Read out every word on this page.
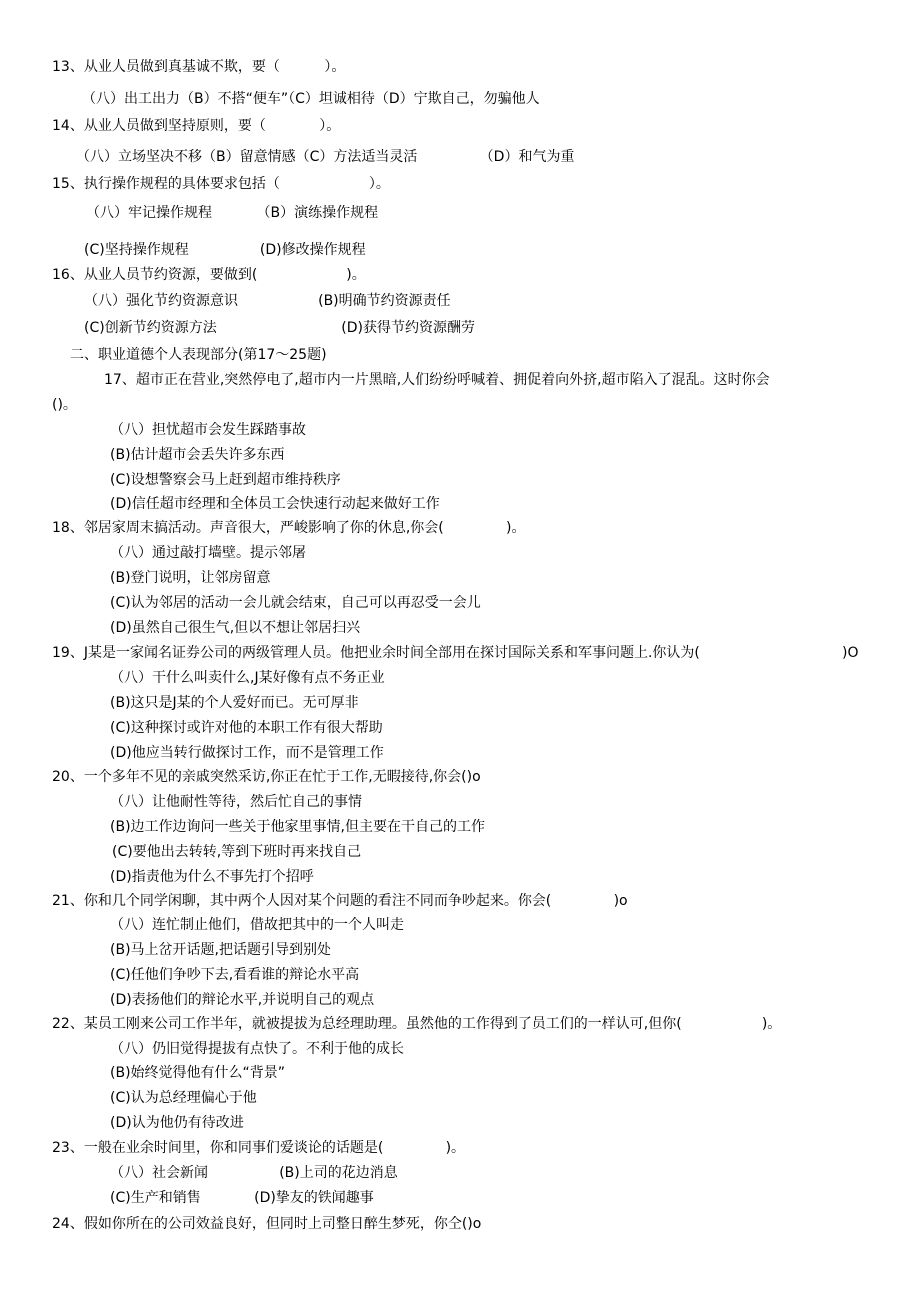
13、从业人员做到真基诚不欺，要（          ）。
（八）出工出力（B）不搭“便车”（C）坦诚相待（D）宁欺自己，勿骗他人
14、从业人员做到坚持原则，要（            ）。
（八）立场坚决不移（B）留意情感（C）方法适当灵活              （D）和气为重
15、执行操作规程的具体要求包括（                    ）。
（八）牢记操作规程          （B）演练操作规程
(C)坚持操作规程                (D)修改操作规程
16、从业人员节约资源，要做到(                    )。
（八）强化节约资源意识                  (B)明确节约资源责任
(C)创新节约资源方法                            (D)获得节约资源酬劳
二、职业道德个人表现部分(第17〜25题)
17、超市正在营业,突然停电了,超市内一片黑暗,人们纷纷呼喊着、拥促着向外挤,超市陷入了混乱。这时你会
()。
（八）担忧超市会发生踩踏事故
(B)估计超市会丢失许多东西
(C)设想警察会马上赶到超市维持秩序
(D)信任超市经理和全体员工会快速行动起来做好工作
18、邻居家周末搞活动。声音很大，严峻影响了你的休息,你会(              )。
（八）通过敲打墙壁。提示邻屠
(B)登门说明，让邻房留意
(C)认为邻居的活动一会儿就会结束，自己可以再忍受一会儿
(D)虽然自己很生气,但以不想让邻居扫兴
19、J某是一家闻名证券公司的两级管理人员。他把业余时间全部用在探讨国际关系和军事问题上.你认为(	)O
（八）干什么叫卖什么,J某好像有点不务正业
(B)这只是J某的个人爱好而已。无可厚非
(C)这种探讨或许对他的本职工作有很大帮助
(D)他应当转行做探讨工作，而不是管理工作
20、一个多年不见的亲戚突然采访,你正在忙于工作,无暇接待,你会()o
（八）让他耐性等待，然后忙自己的事情
(B)边工作边询问一些关于他家里事情,但主要在干自己的工作
(C)要他出去转转,等到下班时再来找自己
(D)指责他为什么不事先打个招呼
21、你和几个同学闲聊，其中两个人因对某个问题的看注不同而争吵起来。你会(              )o
（八）连忙制止他们，借故把其中的一个人叫走
(B)马上岔开话题,把话题引导到别处
(C)任他们争吵下去,看看谁的辩论水平高
(D)表扬他们的辩论水平,并说明自己的观点
22、某员工刚来公司工作半年，就被提拔为总经理助理。虽然他的工作得到了员工们的一样认可,但你(                  )。
（八）仍旧觉得提拔有点快了。不利于他的成长
(B)始终觉得他有什么“背景”
(C)认为总经理偏心于他
(D)认为他仍有待改进
23、一般在业余时间里，你和同事们爱谈论的话题是(              )。
（八）社会新闻                (B)上司的花边消息
(C)生产和销售            (D)挚友的铁闻趣事
24、假如你所在的公司效益良好，但同时上司整日醉生梦死，你仝()o
